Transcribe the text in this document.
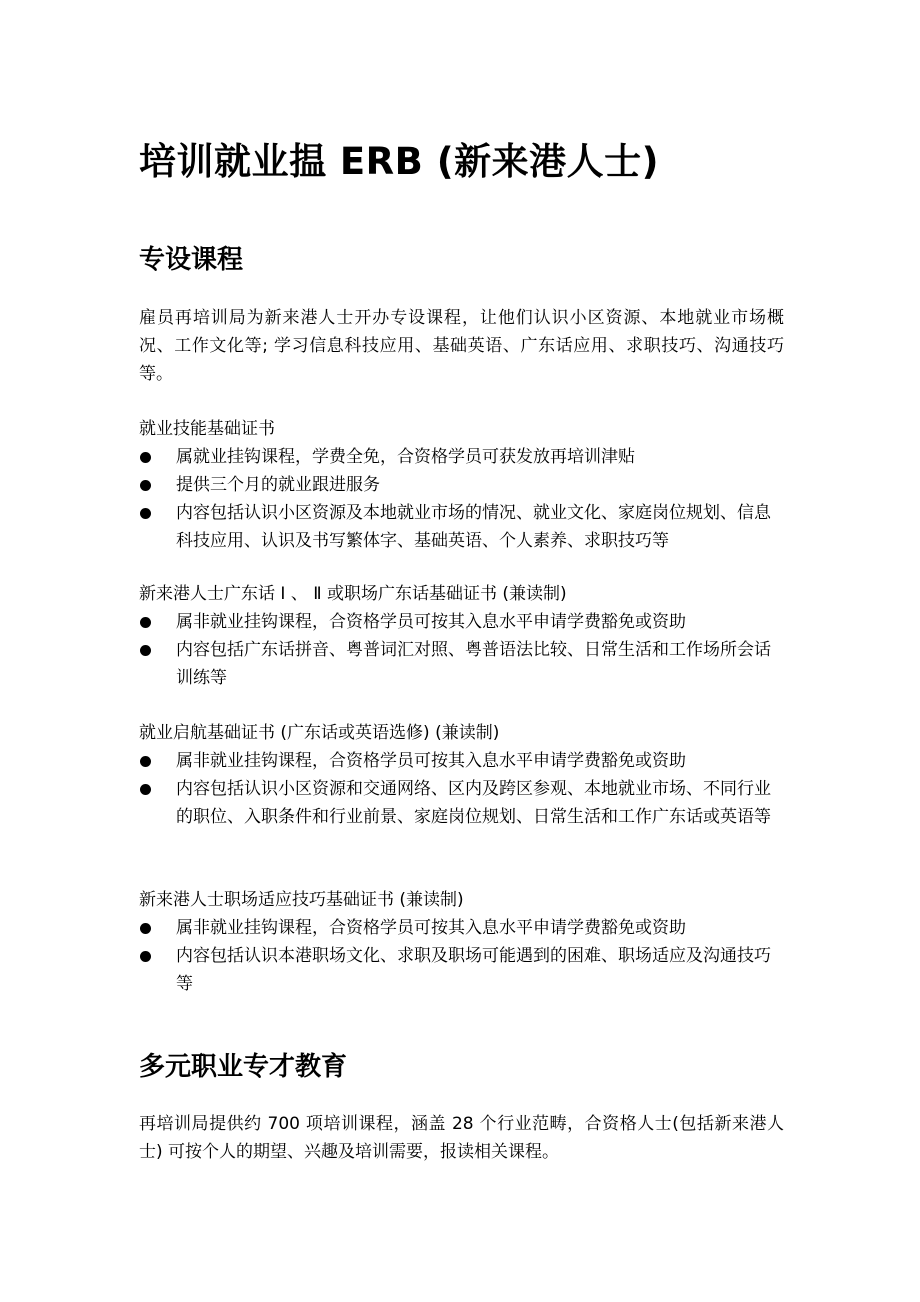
培训就业揾 ERB (新来港人士)
专设课程

雇员再培训局为新来港人士开办专设课程，让他们认识小区资源、本地就业市场概况、工作文化等; 学习信息科技应用、基础英语、广东话应用、求职技巧、沟通技巧等。

就业技能基础证书

属就业挂钩课程，学费全免，合资格学员可获发放再培训津贴
提供三个月的就业跟进服务
内容包括认识小区资源及本地就业市场的情况、就业文化、家庭岗位规划、信息科技应用、认识及书写繁体字、基础英语、个人素养、求职技巧等

新来港人士广东话 Ⅰ 、 Ⅱ 或职场广东话基础证书 (兼读制)

属非就业挂钩课程，合资格学员可按其入息水平申请学费豁免或资助
内容包括广东话拼音、粤普词汇对照、粤普语法比较、日常生活和工作场所会话训练等

就业启航基础证书 (广东话或英语选修) (兼读制)

属非就业挂钩课程，合资格学员可按其入息水平申请学费豁免或资助
内容包括认识小区资源和交通网络、区内及跨区参观、本地就业市场、不同行业的职位、入职条件和行业前景、家庭岗位规划、日常生活和工作广东话或英语等

新来港人士职场适应技巧基础证书 (兼读制)

属非就业挂钩课程，合资格学员可按其入息水平申请学费豁免或资助
内容包括认识本港职场文化、求职及职场可能遇到的困难、职场适应及沟通技巧等
多元职业专才教育

再培训局提供约 700 项培训课程，涵盖 28 个行业范畴，合资格人士(包括新来港人士) 可按个人的期望、兴趣及培训需要，报读相关课程。
